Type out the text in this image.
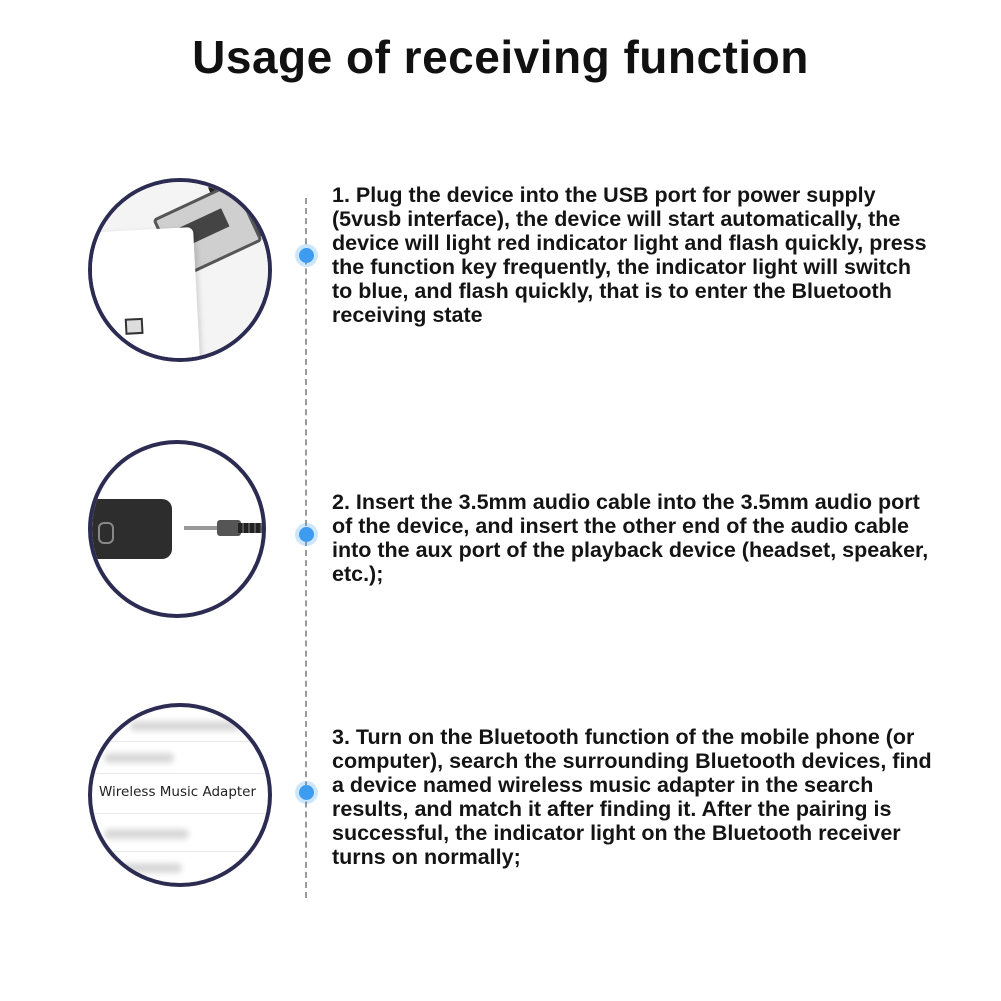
Usage of receiving function

1. Plug the device into the USB port for power supply (5vusb interface), the device will start automatically, the device will light red indicator light and flash quickly, press the function key frequently, the indicator light will switch to blue, and flash quickly, that is to enter the Bluetooth receiving state

2. Insert the 3.5mm audio cable into the 3.5mm audio port of the device, and insert the other end of the audio cable into the aux port of the playback device (headset, speaker, etc.);

Wireless Music Adapter

3. Turn on the Bluetooth function of the mobile phone (or computer), search the surrounding Bluetooth devices, find a device named wireless music adapter in the search results, and match it after finding it. After the pairing is successful, the indicator light on the Bluetooth receiver turns on normally;
